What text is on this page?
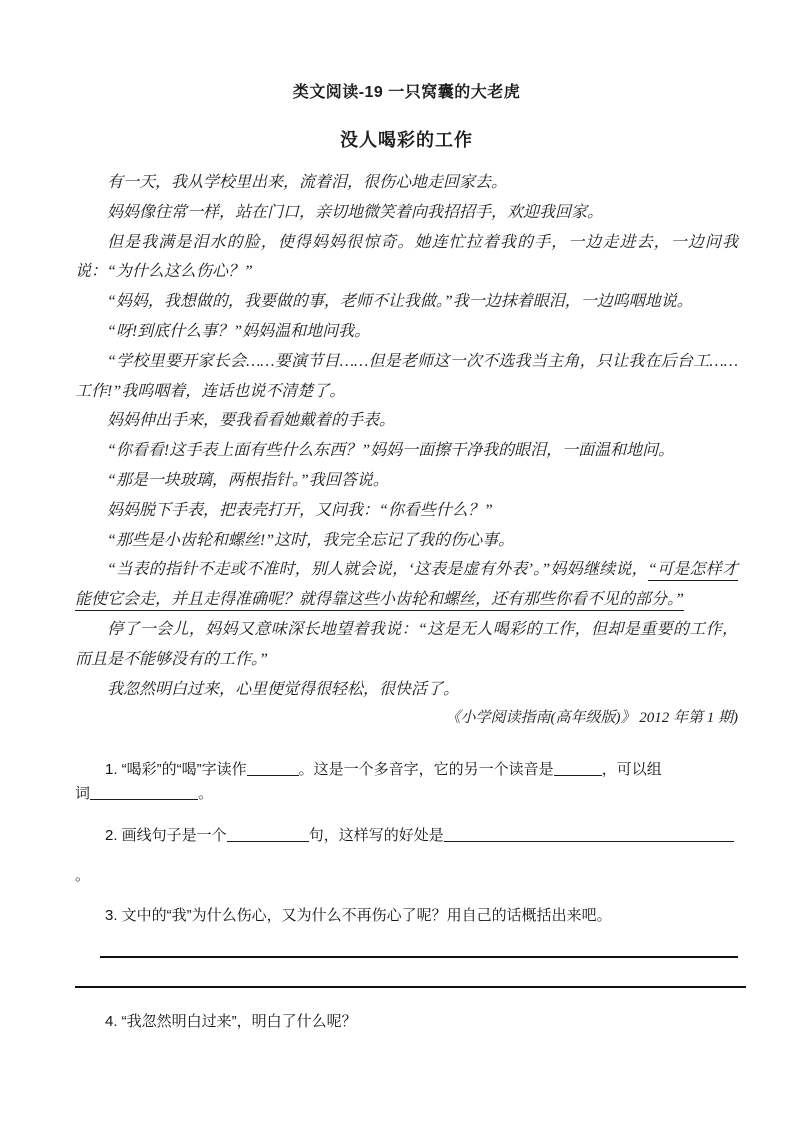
类文阅读-19 一只窝囊的大老虎
没人喝彩的工作

有一天，我从学校里出来，流着泪，很伤心地走回家去。

妈妈像往常一样，站在门口，亲切地微笑着向我招招手，欢迎我回家。

但是我满是泪水的脸，使得妈妈很惊奇。她连忙拉着我的手，一边走进去，一边问我说：“为什么这么伤心？”

“妈妈，我想做的，我要做的事，老师不让我做。”我一边抹着眼泪，一边呜咽地说。

“呀!到底什么事？”妈妈温和地问我。

“学校里要开家长会……要演节目……但是老师这一次不选我当主角，只让我在后台工……工作!”我呜咽着，连话也说不清楚了。

妈妈伸出手来，要我看看她戴着的手表。

“你看看!这手表上面有些什么东西？”妈妈一面擦干净我的眼泪，一面温和地问。

“那是一块玻璃，两根指针。”我回答说。

妈妈脱下手表，把表壳打开，又问我：“你看些什么？”

“那些是小齿轮和螺丝!”这时，我完全忘记了我的伤心事。

“当表的指针不走或不准时，别人就会说，‘这表是虚有外表’。”妈妈继续说，“可是怎样才能使它会走，并且走得准确呢？就得靠这些小齿轮和螺丝，还有那些你看不见的部分。”

停了一会儿，妈妈又意味深长地望着我说：“这是无人喝彩的工作，但却是重要的工作，而且是不能够没有的工作。”

我忽然明白过来，心里便觉得很轻松，很快活了。

《小学阅读指南(高年级版)》 2012 年第 1 期)

1. “喝彩”的“喝”字读作	。这是一个多音字，它的另一个读音是	，可以组

词	。

2. 画线句子是一个	句，这样写的好处是。

3. 文中的“我”为什么伤心，又为什么不再伤心了呢？用自己的话概括出来吧。

4. “我忽然明白过来”，明白了什么呢？
